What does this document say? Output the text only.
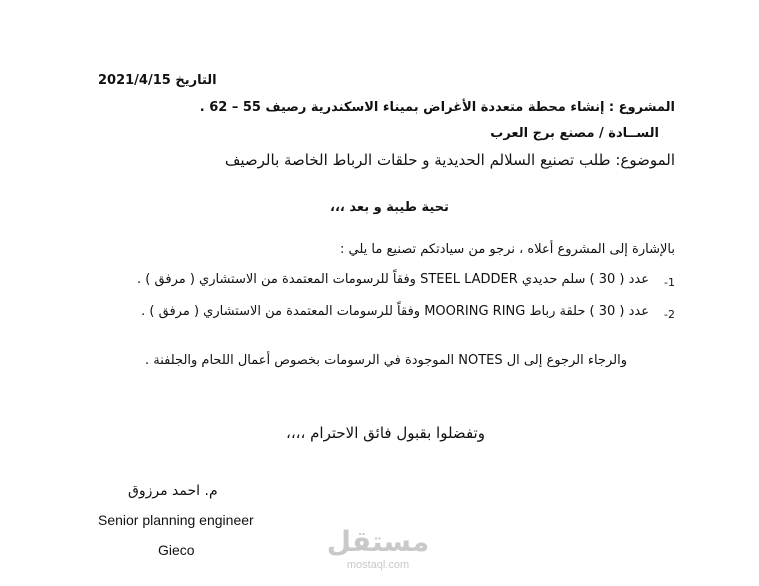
التاريخ 2021/4/15
المشروع : إنشاء محطة متعددة الأغراض بميناء الاسكندرية رصيف 55 – 62 .
الســادة / مصنع برج العرب
الموضوع: طلب تصنيع السلالم الحديدية و حلقات الرباط الخاصة بالرصيف
تحية طيبة و بعد ،،،
بالإشارة إلى المشروع أعلاه ، نرجو من سيادتكم تصنيع ما يلي :
-1
عدد ( 30 ) سلم حديدي STEEL LADDER وفقاً للرسومات المعتمدة من الاستشاري ( مرفق ) .
-2
عدد ( 30 ) حلقة رباط MOORING RING وفقاً للرسومات المعتمدة من الاستشاري ( مرفق ) .
والرجاء الرجوع إلى ال NOTES الموجودة في الرسومات بخصوص أعمال اللحام والجلفنة .
وتفضلوا بقبول فائق الاحترام ،،،،
م. احمد مرزوق
Senior planning engineer
Gieco	مستقل
mostaql.com
